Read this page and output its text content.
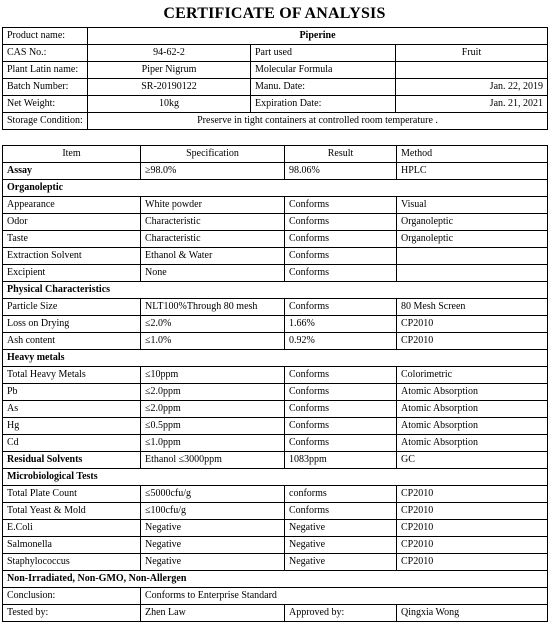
CERTIFICATE OF ANALYSIS
Product name:	Piperine		
CAS No.:	94-62-2	Part used	Fruit
Plant Latin name:	Piper Nigrum	Molecular Formula	
Batch Number:	SR-20190122	Manu. Date:	Jan. 22, 2019
Net Weight:	10kg	Expiration Date:	Jan. 21, 2021
Storage Condition:	Preserve in tight containers at controlled room temperature .		
Item	Specification	Result	Method
Assay	≥98.0%	98.06%	HPLC
Organoleptic			
Appearance	White powder	Conforms	Visual
Odor	Characteristic	Conforms	Organoleptic
Taste	Characteristic	Conforms	Organoleptic
Extraction Solvent	Ethanol & Water	Conforms	
Excipient	None	Conforms	
Physical Characteristics			
Particle Size	NLT100%Through 80 mesh	Conforms	80 Mesh Screen
Loss on Drying	≤2.0%	1.66%	CP2010
Ash content	≤1.0%	0.92%	CP2010
Heavy metals			
Total Heavy Metals	≤10ppm	Conforms	Colorimetric
Pb	≤2.0ppm	Conforms	Atomic Absorption
As	≤2.0ppm	Conforms	Atomic Absorption
Hg	≤0.5ppm	Conforms	Atomic Absorption
Cd	≤1.0ppm	Conforms	Atomic Absorption
Residual Solvents	Ethanol ≤3000ppm	1083ppm	GC
Microbiological Tests			
Total Plate Count	≤5000cfu/g	conforms	CP2010
Total Yeast & Mold	≤100cfu/g	Conforms	CP2010
E.Coli	Negative	Negative	CP2010
Salmonella	Negative	Negative	CP2010
Staphylococcus	Negative	Negative	CP2010
Non-Irradiated, Non-GMO, Non-Allergen			
Conclusion:	Conforms to Enterprise Standard		
Tested by:	Zhen Law	Approved by:	Qingxia Wong
